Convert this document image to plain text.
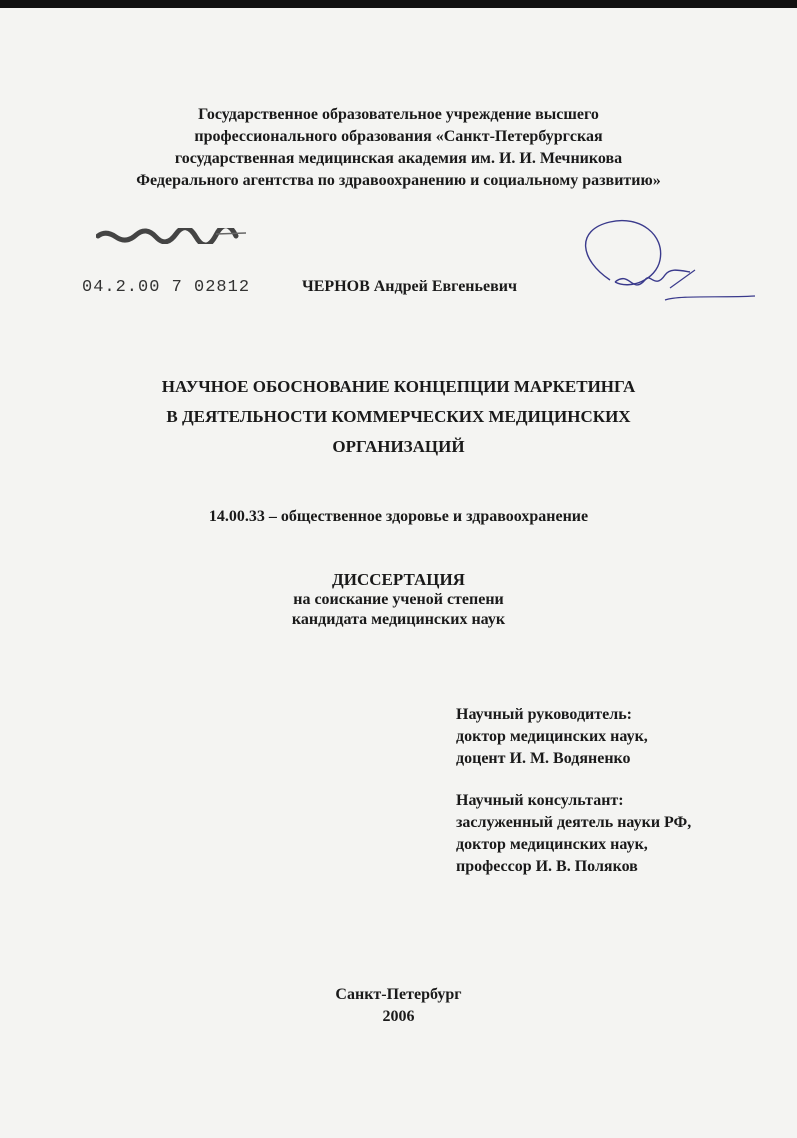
Государственное образовательное учреждение высшего
профессионального образования «Санкт-Петербургская
государственная медицинская академия им. И. И. Мечникова
Федерального агентства по здравоохранению и социальному развитию»
04.2.00 7 02812	ЧЕРНОВ Андрей Евгеньевич
НАУЧНОЕ ОБОСНОВАНИЕ КОНЦЕПЦИИ МАРКЕТИНГА
В ДЕЯТЕЛЬНОСТИ КОММЕРЧЕСКИХ МЕДИЦИНСКИХ
ОРГАНИЗАЦИЙ
14.00.33 – общественное здоровье и здравоохранение
ДИССЕРТАЦИЯ
на соискание ученой степени
кандидата медицинских наук
Научный руководитель:
доктор медицинских наук,
доцент И. М. Водяненко
Научный консультант:
заслуженный деятель науки РФ,
доктор медицинских наук,
профессор И. В. Поляков
Санкт-Петербург
2006
